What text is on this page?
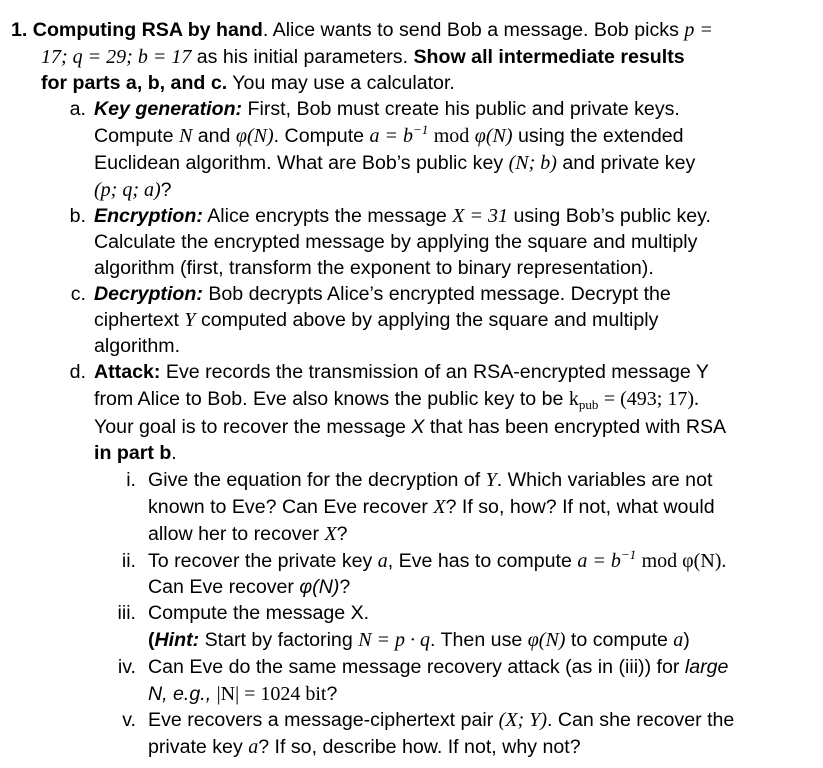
1. Computing RSA by hand. Alice wants to send Bob a message. Bob picks p =
17; q = 29; b = 17 as his initial parameters. Show all intermediate results
for parts a, b, and c. You may use a calculator.
a. Key generation: First, Bob must create his public and private keys.
Compute N and φ(N). Compute $a = b^{-1}$ mod φ(N) using the extended
Euclidean algorithm. What are Bob’s public key (N; b) and private key
(p; q; a)?
b. Encryption: Alice encrypts the message X = 31 using Bob’s public key.
Calculate the encrypted message by applying the square and multiply
algorithm (first, transform the exponent to binary representation).
c. Decryption: Bob decrypts Alice’s encrypted message. Decrypt the
ciphertext Y computed above by applying the square and multiply
algorithm.
d. Attack: Eve records the transmission of an RSA-encrypted message Y
from Alice to Bob. Eve also knows the public key to be $k_{pub} = (493$; 17).
Your goal is to recover the message X that has been encrypted with RSA
in part b.
i. Give the equation for the decryption of Y. Which variables are not
known to Eve? Can Eve recover X? If so, how? If not, what would
allow her to recover X?
ii. To recover the private key a, Eve has to compute $a = b^{-1}$ mod φ(N).
Can Eve recover φ(N)?
iii. Compute the message X.
(Hint: Start by factoring N = p · q. Then use φ(N) to compute a)
iv. Can Eve do the same message recovery attack (as in (iii)) for large
N, e.g., |N| = 1024 bit?
v. Eve recovers a message-ciphertext pair (X; Y). Can she recover the
private key a? If so, describe how. If not, why not?
